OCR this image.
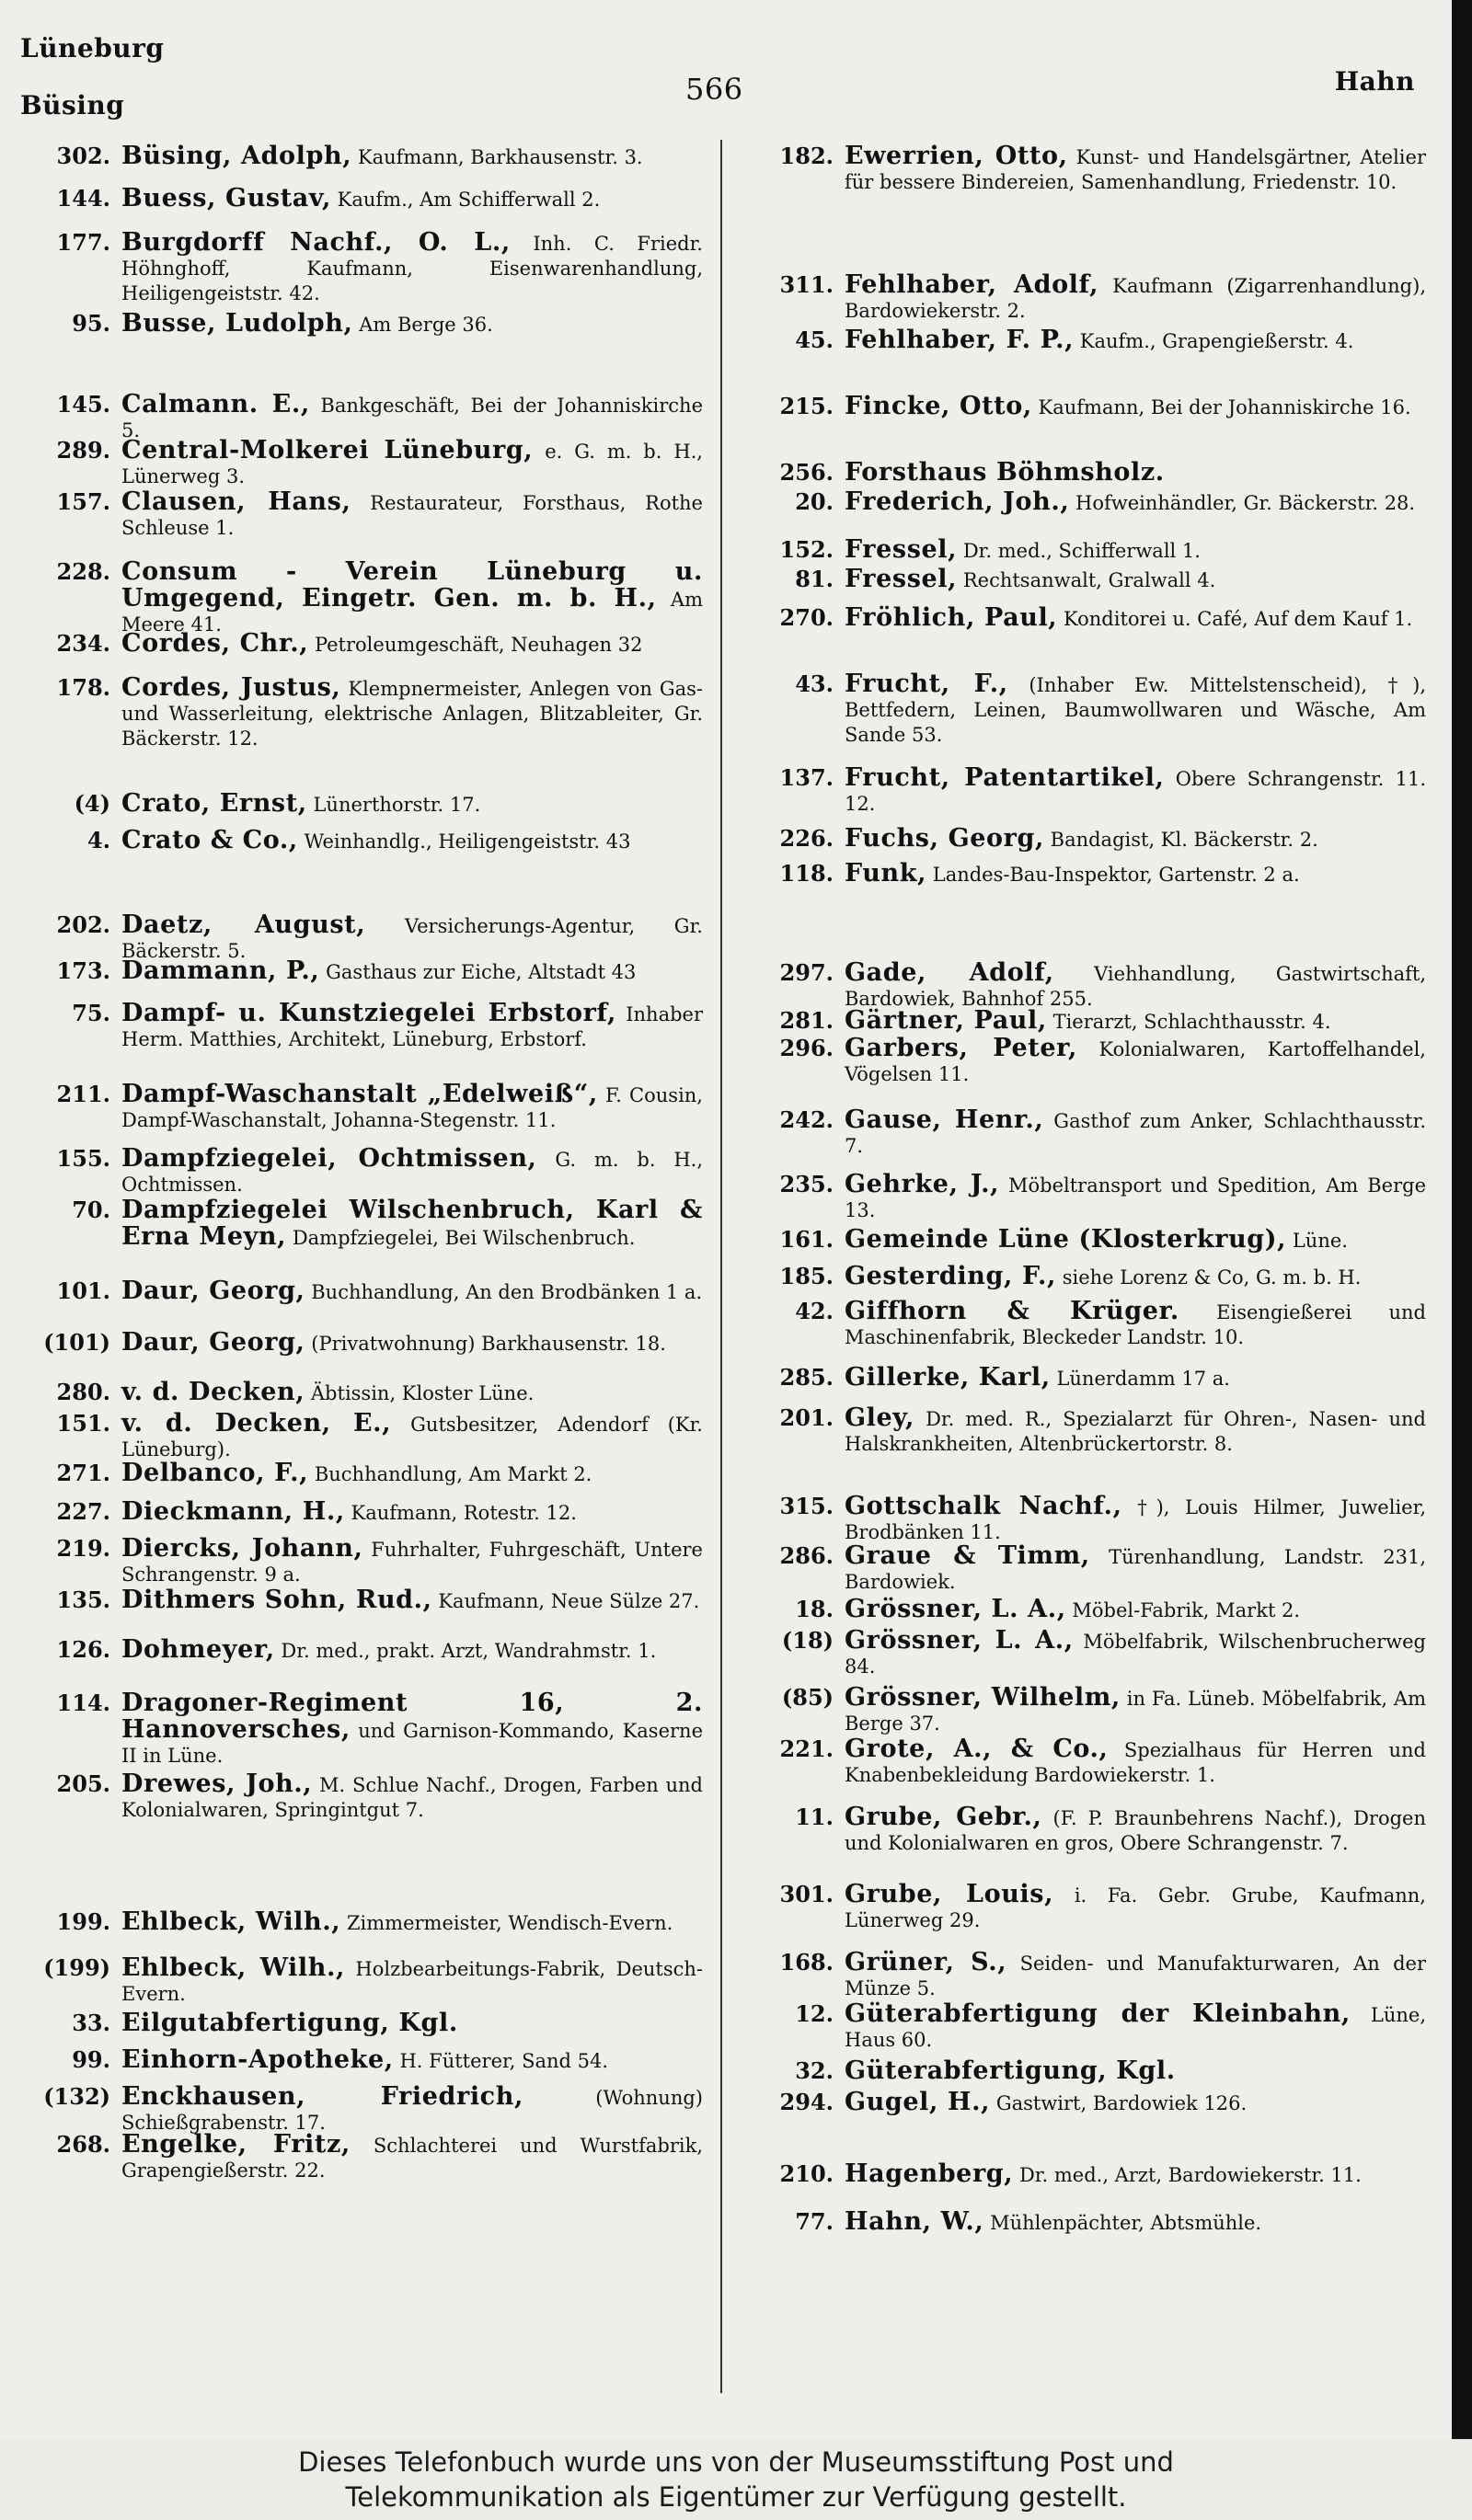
Lüneburg
Büsing	566	Hahn
302. Büsing, Adolph, Kaufmann, Barkhausenstr. 3.
144. Buess, Gustav, Kaufm., Am Schifferwall 2.
177. Burgdorff Nachf., O. L., Inh. C. Friedr. Höhnghoff, Kaufmann, Eisenwarenhandlung, Heiligengeiststr. 42.
95. Busse, Ludolph, Am Berge 36.
145. Calmann. E., Bankgeschäft, Bei der Johanniskirche 5.
289. Central-Molkerei Lüneburg, e. G. m. b. H., Lünerweg 3.
157. Clausen, Hans, Restaurateur, Forsthaus, Rothe Schleuse 1.
228. Consum - Verein Lüneburg u. Umgegend, Eingetr. Gen. m. b. H., Am Meere 41.
234. Cordes, Chr., Petroleumgeschäft, Neuhagen 32
178. Cordes, Justus, Klempnermeister, Anlegen von Gas- und Wasserleitung, elektrische Anlagen, Blitzableiter, Gr. Bäckerstr. 12.
(4) Crato, Ernst, Lünerthorstr. 17.
4. Crato & Co., Weinhandlg., Heiligengeiststr. 43
202. Daetz, August, Versicherungs-Agentur, Gr. Bäckerstr. 5.
173. Dammann, P., Gasthaus zur Eiche, Altstadt 43
75. Dampf- u. Kunstziegelei Erbstorf, Inhaber Herm. Matthies, Architekt, Lüneburg, Erbstorf.
211. Dampf-Waschanstalt „Edelweiß“, F. Cousin, Dampf-Waschanstalt, Johanna-Stegenstr. 11.
155. Dampfziegelei, Ochtmissen, G. m. b. H., Ochtmissen.
70. Dampfziegelei Wilschenbruch, Karl & Erna Meyn, Dampfziegelei, Bei Wilschenbruch.
101. Daur, Georg, Buchhandlung, An den Brodbänken 1 a.
(101) Daur, Georg, (Privatwohnung) Barkhausenstr. 18.
280. v. d. Decken, Äbtissin, Kloster Lüne.
151. v. d. Decken, E., Gutsbesitzer, Adendorf (Kr. Lüneburg).
271. Delbanco, F., Buchhandlung, Am Markt 2.
227. Dieckmann, H., Kaufmann, Rotestr. 12.
219. Diercks, Johann, Fuhrhalter, Fuhrgeschäft, Untere Schrangenstr. 9 a.
135. Dithmers Sohn, Rud., Kaufmann, Neue Sülze 27.
126. Dohmeyer, Dr. med., prakt. Arzt, Wandrahmstr. 1.
114. Dragoner-Regiment 16, 2. Hannoversches, und Garnison-Kommando, Kaserne II in Lüne.
205. Drewes, Joh., M. Schlue Nachf., Drogen, Farben und Kolonialwaren, Springintgut 7.
199. Ehlbeck, Wilh., Zimmermeister, Wendisch-Evern.
(199) Ehlbeck, Wilh., Holzbearbeitungs-Fabrik, Deutsch-Evern.
33. Eilgutabfertigung, Kgl.
99. Einhorn-Apotheke, H. Fütterer, Sand 54.
(132) Enckhausen, Friedrich,	(Wohnung) Schießgrabenstr. 17.
268. Engelke, Fritz, Schlachterei und Wurstfabrik, Grapengießerstr. 22.
182. Ewerrien, Otto, Kunst- und Handelsgärtner, Atelier für bessere Bindereien, Samenhandlung, Friedenstr. 10.
311. Fehlhaber, Adolf, Kaufmann (Zigarrenhandlung), Bardowiekerstr. 2.
45. Fehlhaber, F. P., Kaufm., Grapengießerstr. 4.
215. Fincke, Otto, Kaufmann, Bei der Johanniskirche 16.
256. Forsthaus Böhmsholz.
20. Frederich, Joh., Hofweinhändler, Gr. Bäckerstr. 28.
152. Fressel, Dr. med., Schifferwall 1.
81. Fressel, Rechtsanwalt, Gralwall 4.
270. Fröhlich, Paul, Konditorei u. Café, Auf dem Kauf 1.
43. Frucht, F., (Inhaber Ew. Mittelstenscheid), †), Bettfedern, Leinen, Baumwollwaren und Wäsche, Am Sande 53.
137. Frucht, Patentartikel, Obere Schrangenstr. 11. 12.
226. Fuchs, Georg, Bandagist, Kl. Bäckerstr. 2.
118. Funk, Landes-Bau-Inspektor, Gartenstr. 2 a.
297. Gade, Adolf, Viehhandlung, Gastwirtschaft, Bardowiek, Bahnhof 255.
281. Gärtner, Paul, Tierarzt, Schlachthausstr. 4.
296. Garbers, Peter, Kolonialwaren, Kartoffelhandel, Vögelsen 11.
242. Gause, Henr., Gasthof zum Anker, Schlachthausstr. 7.
235. Gehrke, J., Möbeltransport und Spedition, Am Berge 13.
161. Gemeinde Lüne (Klosterkrug), Lüne.
185. Gesterding, F., siehe Lorenz & Co, G. m. b. H.
42. Giffhorn & Krüger. Eisengießerei und Maschinenfabrik, Bleckeder Landstr. 10.
285. Gillerke, Karl, Lünerdamm 17 a.
201. Gley, Dr. med. R., Spezialarzt für Ohren-, Nasen- und Halskrankheiten, Altenbrückertorstr. 8.
315. Gottschalk Nachf., †), Louis Hilmer, Juwelier, Brodbänken 11.
286. Graue & Timm, Türenhandlung, Landstr. 231, Bardowiek.
18. Grössner, L. A., Möbel-Fabrik, Markt 2.
(18) Grössner, L. A., Möbelfabrik, Wilschenbrucherweg 84.
(85) Grössner, Wilhelm, in Fa. Lüneb. Möbelfabrik, Am Berge 37.
221. Grote, A., & Co., Spezialhaus für Herren und Knabenbekleidung Bardowiekerstr. 1.
11. Grube, Gebr., (F. P. Braunbehrens Nachf.), Drogen und Kolonialwaren en gros, Obere Schrangenstr. 7.
301. Grube, Louis, i. Fa. Gebr. Grube, Kaufmann, Lünerweg 29.
168. Grüner, S., Seiden- und Manufakturwaren, An der Münze 5.
12. Güterabfertigung der Kleinbahn, Lüne, Haus 60.
32. Güterabfertigung, Kgl.
294. Gugel, H., Gastwirt, Bardowiek 126.
210. Hagenberg, Dr. med., Arzt, Bardowiekerstr. 11.
77. Hahn, W., Mühlenpächter, Abtsmühle.
Dieses Telefonbuch wurde uns von der Museumsstiftung Post und
Telekommunikation als Eigentümer zur Verfügung gestellt.
